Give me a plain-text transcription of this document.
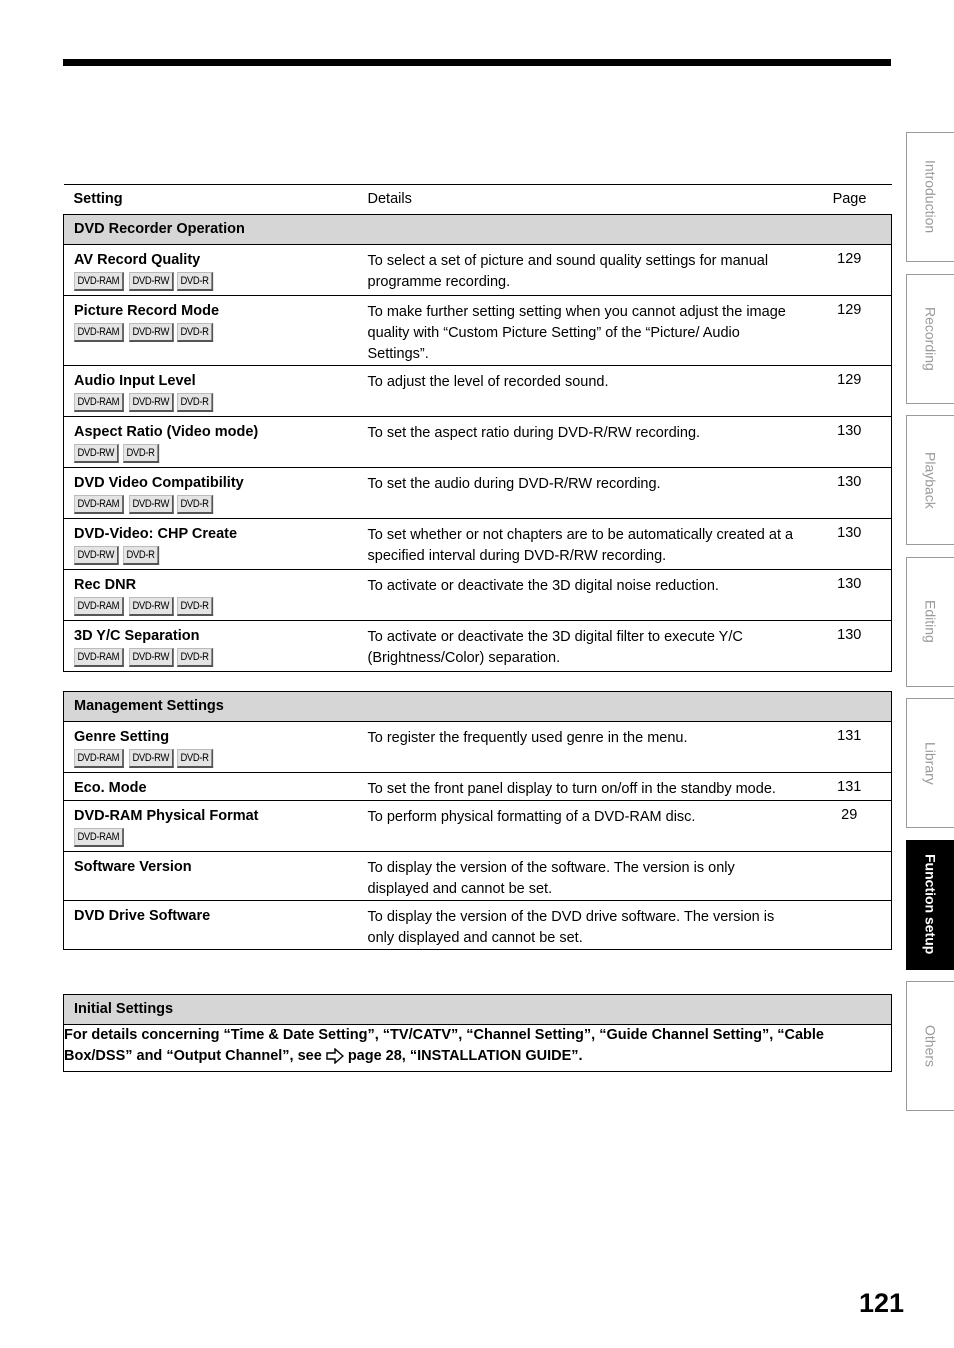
Setting	Details	Page
DVD Recorder Operation		

AV Record Quality
DVD-RAM DVD-RW DVD-R	To select a set of picture and sound quality settings for manual programme recording.	129

Picture Record Mode
DVD-RAM DVD-RW DVD-R	To make further setting setting when you cannot adjust the image quality with “Custom Picture Setting” of the “Picture/ Audio Settings”.	129

Audio Input Level
DVD-RAM DVD-RW DVD-R	To adjust the level of recorded sound.	129

Aspect Ratio (Video mode)
DVD-RW DVD-R	To set the aspect ratio during DVD-R/RW recording.	130

DVD Video Compatibility
DVD-RAM DVD-RW DVD-R	To set the audio during DVD-R/RW recording.	130

DVD-Video: CHP Create
DVD-RW DVD-R	To set whether or not chapters are to be automatically created at a specified interval during DVD-R/RW recording.	130

Rec DNR
DVD-RAM DVD-RW DVD-R	To activate or deactivate the 3D digital noise reduction.	130

3D Y/C Separation
DVD-RAM DVD-RW DVD-R	To activate or deactivate the 3D digital filter to execute Y/C (Brightness/Color) separation.	130
Management Settings		

Genre Setting
DVD-RAM DVD-RW DVD-R	To register the frequently used genre in the menu.	131

Eco. Mode	To set the front panel display to turn on/off in the standby mode.	131

DVD-RAM Physical Format
DVD-RAM	To perform physical formatting of a DVD-RAM disc.	29

Software Version	To display the version of the software. The version is only displayed and cannot be set.	

DVD Drive Software	To display the version of the DVD drive software. The version is only displayed and cannot be set.	
Initial Settings
For details concerning “Time & Date Setting”, “TV/CATV”, “Channel Setting”, “Guide Channel Setting”, “Cable Box/DSS” and “Output Channel”, see page 28, “INSTALLATION GUIDE”.
Introduction
Recording
Playback
Editing
Library
Function setup
Others
121
